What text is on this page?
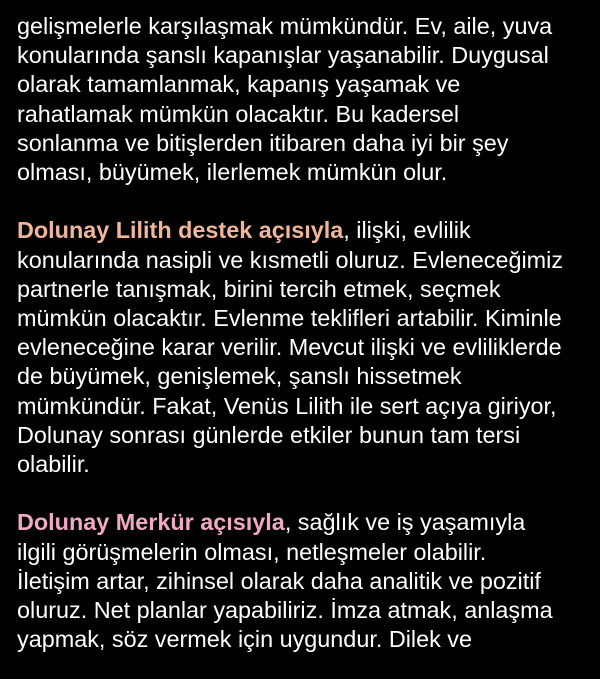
gelişmelerle karşılaşmak mümkündür. Ev, aile, yuva
konularında şanslı kapanışlar yaşanabilir. Duygusal
olarak tamamlanmak, kapanış yaşamak ve
rahatlamak mümkün olacaktır. Bu kadersel
sonlanma ve bitişlerden itibaren daha iyi bir şey
olması, büyümek, ilerlemek mümkün olur.
Dolunay Lilith destek açısıyla, ilişki, evlilik
konularında nasipli ve kısmetli oluruz. Evleneceğimiz
partnerle tanışmak, birini tercih etmek, seçmek
mümkün olacaktır. Evlenme teklifleri artabilir. Kiminle
evleneceğine karar verilir. Mevcut ilişki ve evliliklerde
de büyümek, genişlemek, şanslı hissetmek
mümkündür. Fakat, Venüs Lilith ile sert açıya giriyor,
Dolunay sonrası günlerde etkiler bunun tam tersi
olabilir.
Dolunay Merkür açısıyla, sağlık ve iş yaşamıyla
ilgili görüşmelerin olması, netleşmeler olabilir.
İletişim artar, zihinsel olarak daha analitik ve pozitif
oluruz. Net planlar yapabiliriz. İmza atmak, anlaşma
yapmak, söz vermek için uygundur. Dilek ve
